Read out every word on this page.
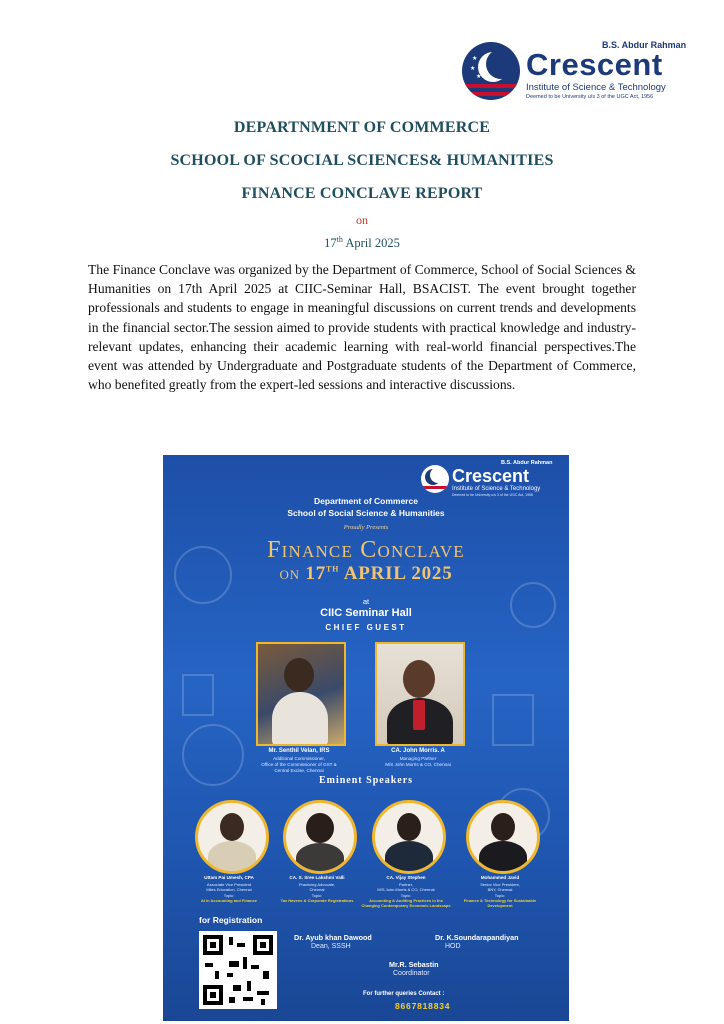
★
★
★
B.S. Abdur Rahman
Crescent
Institute of Science & Technology
Deemed to be University u/s 3 of the UGC Act, 1956
DEPARTNMENT OF COMMERCE
SCHOOL OF SCOCIAL SCIENCES& HUMANITIES
FINANCE CONCLAVE REPORT
on
17th April 2025
The Finance Conclave was organized by the Department of Commerce, School of Social Sciences & Humanities on 17th April 2025 at CIIC-Seminar Hall, BSACIST. The event brought together professionals and students to engage in meaningful discussions on current trends and developments in the financial sector.The session aimed to provide students with practical knowledge and industry-relevant updates, enhancing their academic learning with real-world financial perspectives.The event was attended by Undergraduate and Postgraduate students of the Department of Commerce, who benefited greatly from the expert-led sessions and interactive discussions.
B.S. Abdur Rahman
Crescent
Institute of Science & Technology
Deemed to be University u/s 3 of the UGC Act, 1956
Department of Commerce
School of Social Science & Humanities
Proudly Presents
Finance Conclave
ON 17TH APRIL 2025
at
CIIC Seminar Hall
CHIEF GUEST
Mr. Senthil Velan, IRS
Additional Commissioner,
Office of the Commissioner of GST &
Central Excise, Chennai
CA. John Morris. A
Managing Partner
M/S John Morris & CO, Chennai
Eminent Speakers
Uttam Pai Umesh, CPA
Associate Vice President
Miles Education, Chennai
Topic:
AI in Accounting and Finance
CA. S. Sree Lakshmi Valli
Practicing Advocate,
Chennai
Topic:
Tax Havens & Corporate Registrations
CA. Vijay Stephen
Partner,
M/S John Morris & CO, Chennai
Topic:
Accounting & Auditing Practices in the Changing Contemporary Economic Landscape
Mohammed Javid
Senior Vice President,
BNY, Chennai
Topic:
Finance & Technology for Sustainable Development
for Registration
Dr. Ayub khan Dawood
Dean, SSSH
Dr. K.Soundarapandiyan
HOD
Mr.R. Sebastin
Coordinator
For further queries Contact :
8667818834
